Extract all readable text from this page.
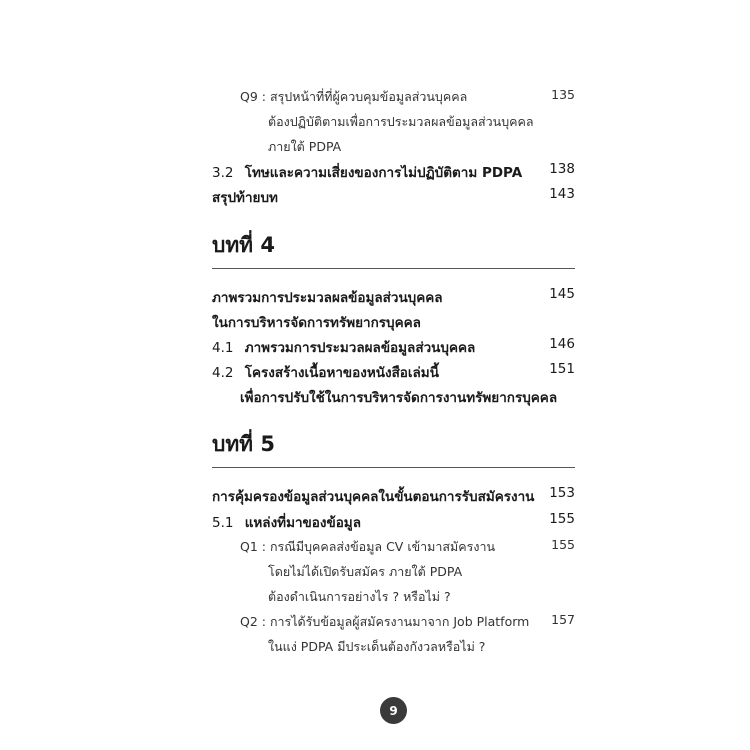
Q9 : สรุปหน้าที่ที่ผู้ควบคุมข้อมูลส่วนบุคคล	135
ต้องปฏิบัติตามเพื่อการประมวลผลข้อมูลส่วนบุคคล
ภายใต้ PDPA
3.2 โทษและความเสี่ยงของการไม่ปฏิบัติตาม PDPA	138
สรุปท้ายบท	143
บทที่ 4
ภาพรวมการประมวลผลข้อมูลส่วนบุคคล	145
ในการบริหารจัดการทรัพยากรบุคคล
4.1 ภาพรวมการประมวลผลข้อมูลส่วนบุคคล	146
4.2 โครงสร้างเนื้อหาของหนังสือเล่มนี้	151
เพื่อการปรับใช้ในการบริหารจัดการงานทรัพยากรบุคคล
บทที่ 5
การคุ้มครองข้อมูลส่วนบุคคลในขั้นตอนการรับสมัครงาน	153
5.1 แหล่งที่มาของข้อมูล	155
Q1 : กรณีมีบุคคลส่งข้อมูล CV เข้ามาสมัครงาน	155
โดยไม่ได้เปิดรับสมัคร ภายใต้ PDPA
ต้องดำเนินการอย่างไร ? หรือไม่ ?
Q2 : การได้รับข้อมูลผู้สมัครงานมาจาก Job Platform	157
ในแง่ PDPA มีประเด็นต้องกังวลหรือไม่ ?
9
